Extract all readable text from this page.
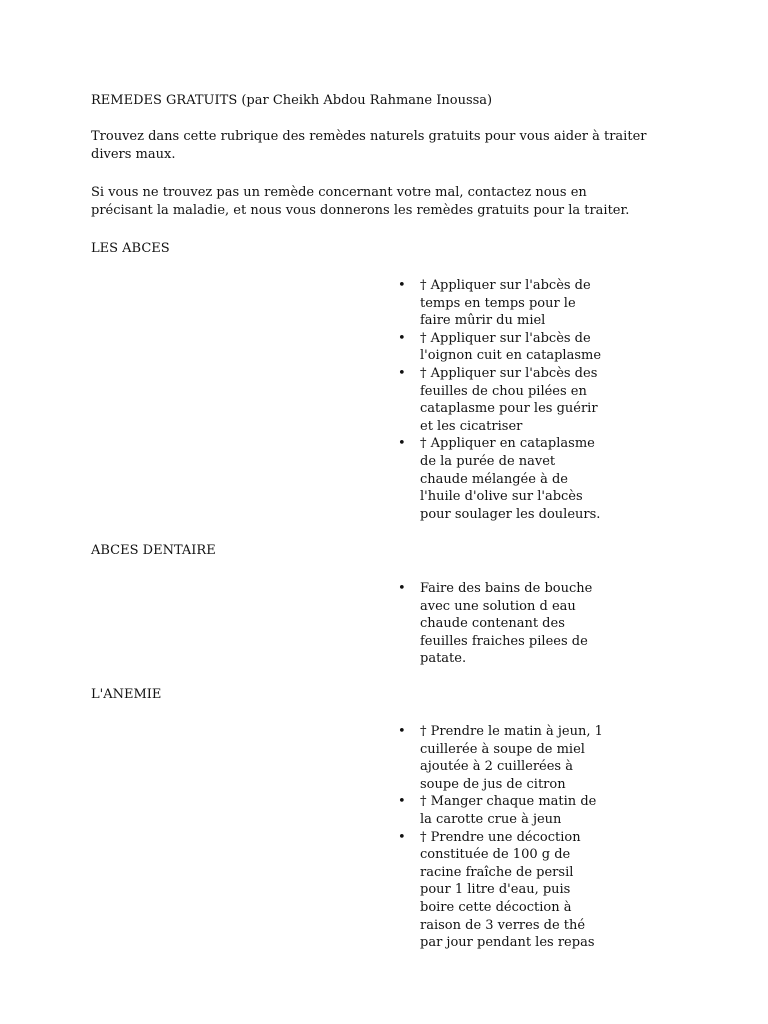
REMEDES GRATUITS (par Cheikh Abdou Rahmane Inoussa)
Trouvez dans cette rubrique des remèdes naturels gratuits pour vous aider à traiter divers maux.
Si vous ne trouvez pas un remède concernant votre mal, contactez nous en précisant la maladie, et nous vous donnerons les remèdes gratuits pour la traiter.
LES ABCES
• † Appliquer sur l'abcès de temps en temps pour le faire mûrir du miel
• † Appliquer sur l'abcès de l'oignon cuit en cataplasme
• † Appliquer sur l'abcès des feuilles de chou pilées en cataplasme pour les guérir et les cicatriser
• † Appliquer en cataplasme de la purée de navet chaude mélangée à de l'huile d'olive sur l'abcès pour soulager les douleurs.
ABCES DENTAIRE
• Faire des bains de bouche avec une solution d eau chaude contenant des feuilles fraiches pilees de patate.
L'ANEMIE
• † Prendre le matin à jeun, 1 cuillerée à soupe de miel ajoutée à 2 cuillerées à soupe de jus de citron
• † Manger chaque matin de la carotte crue à jeun
• † Prendre une décoction constituée de 100 g de racine fraîche de persil pour 1 litre d'eau, puis boire cette décoction à raison de 3 verres de thé par jour pendant les repas
